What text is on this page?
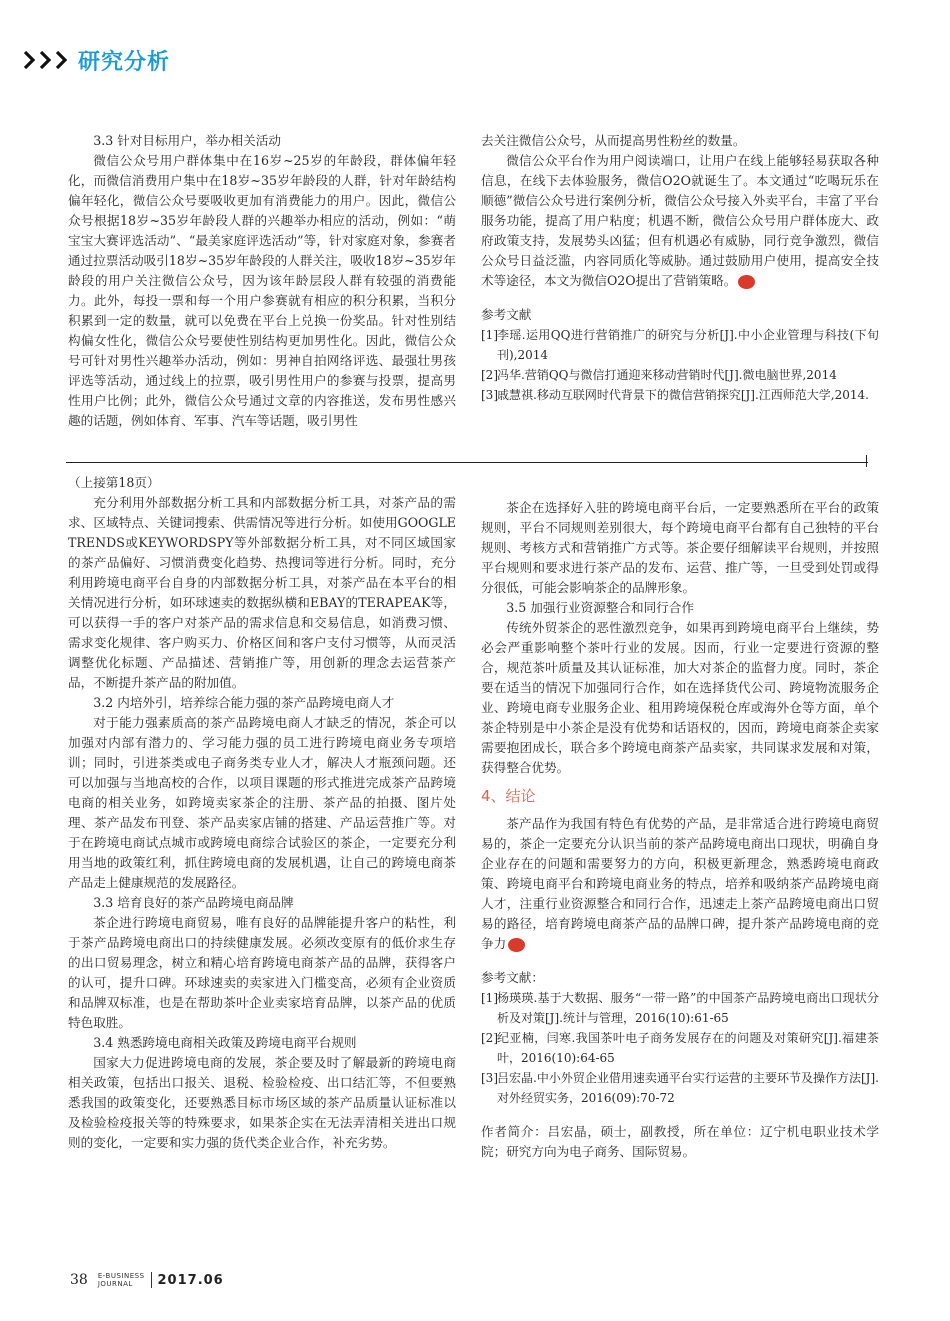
研究分析

3.3 针对目标用户，举办相关活动

微信公众号用户群体集中在16岁~25岁的年龄段，群体偏年轻化，而微信消费用户集中在18岁~35岁年龄段的人群，针对年龄结构偏年轻化，微信公众号要吸收更加有消费能力的用户。因此，微信公众号根据18岁~35岁年龄段人群的兴趣举办相应的活动，例如：“萌宝宝大赛评选活动”、“最美家庭评选活动”等，针对家庭对象，参赛者通过拉票活动吸引18岁~35岁年龄段的人群关注，吸收18岁~35岁年龄段的用户关注微信公众号，因为该年龄层段人群有较强的消费能力。此外，每投一票和每一个用户参赛就有相应的积分积累，当积分积累到一定的数量，就可以免费在平台上兑换一份奖品。针对性别结构偏女性化，微信公众号要使性别结构更加男性化。因此，微信公众号可针对男性兴趣举办活动，例如：男神自拍网络评选、最强壮男孩评选等活动，通过线上的拉票，吸引男性用户的参赛与投票，提高男性用户比例；此外，微信公众号通过文章的内容推送，发布男性感兴趣的话题，例如体育、军事、汽车等话题，吸引男性

去关注微信公众号，从而提高男性粉丝的数量。

微信公众平台作为用户阅读端口，让用户在线上能够轻易获取各种信息，在线下去体验服务，微信O2O就诞生了。本文通过“吃喝玩乐在顺德”微信公众号进行案例分析，微信公众号接入外卖平台，丰富了平台服务功能，提高了用户粘度；机遇不断，微信公众号用户群体庞大、政府政策支持，发展势头凶猛；但有机遇必有威胁，同行竞争激烈，微信公众号日益泛滥，内容同质化等威胁。通过鼓励用户使用，提高安全技术等途径，本文为微信O2O提出了营销策略。	ER

参考文献

[1] 李瑶.运用QQ进行营销推广的研究与分析[J].中小企业管理与科技(下旬刊),2014

[2] 冯华.营销QQ与微信打通迎来移动营销时代[J].微电脑世界,2014

[3] 戚慧祺.移动互联网时代背景下的微信营销探究[J].江西师范大学,2014.

（上接第18页）

充分利用外部数据分析工具和内部数据分析工具，对茶产品的需求、区域特点、关键词搜索、供需情况等进行分析。如使用GOOGLE　TRENDS或KEYWORDSPY等外部数据分析工具，对不同区域国家的茶产品偏好、习惯消费变化趋势、热搜词等进行分析。同时，充分利用跨境电商平台自身的内部数据分析工具，对茶产品在本平台的相关情况进行分析，如环球速卖的数据纵横和EBAY的TERAPEAK等，可以获得一手的客户对茶产品的需求信息和交易信息，如消费习惯、需求变化规律、客户购买力、价格区间和客户支付习惯等，从而灵活调整优化标题、产品描述、营销推广等，用创新的理念去运营茶产品，不断提升茶产品的附加值。

3.2 内培外引，培养综合能力强的茶产品跨境电商人才

对于能力强素质高的茶产品跨境电商人才缺乏的情况，茶企可以加强对内部有潜力的、学习能力强的员工进行跨境电商业务专项培训；同时，引进茶类或电子商务类专业人才，解决人才瓶颈问题。还可以加强与当地高校的合作，以项目课题的形式推进完成茶产品跨境电商的相关业务，如跨境卖家茶企的注册、茶产品的拍摄、图片处理、茶产品发布刊登、茶产品卖家店铺的搭建、产品运营推广等。对于在跨境电商试点城市或跨境电商综合试验区的茶企，一定要充分利用当地的政策红利，抓住跨境电商的发展机遇，让自己的跨境电商茶产品走上健康规范的发展路径。

3.3 培育良好的茶产品跨境电商品牌

茶企进行跨境电商贸易，唯有良好的品牌能提升客户的粘性，利于茶产品跨境电商出口的持续健康发展。必须改变原有的低价求生存的出口贸易理念，树立和精心培育跨境电商茶产品的品牌，获得客户的认可，提升口碑。环球速卖的卖家进入门槛变高，必须有企业资质和品牌双标准，也是在帮助茶叶企业卖家培育品牌，以茶产品的优质特色取胜。

3.4 熟悉跨境电商相关政策及跨境电商平台规则

国家大力促进跨境电商的发展，茶企要及时了解最新的跨境电商相关政策，包括出口报关、退税、检验检疫、出口结汇等，不但要熟悉我国的政策变化，还要熟悉目标市场区域的茶产品质量认证标准以及检验检疫报关等的特殊要求，如果茶企实在无法弄清相关进出口规则的变化，一定要和实力强的货代类企业合作，补充劣势。

茶企在选择好入驻的跨境电商平台后，一定要熟悉所在平台的政策规则，平台不同规则差别很大，每个跨境电商平台都有自己独特的平台规则、考核方式和营销推广方式等。茶企要仔细解读平台规则，并按照平台规则和要求进行茶产品的发布、运营、推广等，一旦受到处罚或得分很低，可能会影响茶企的品牌形象。

3.5 加强行业资源整合和同行合作

传统外贸茶企的恶性激烈竞争，如果再到跨境电商平台上继续，势必会严重影响整个茶叶行业的发展。因而，行业一定要进行资源的整合，规范茶叶质量及其认证标准，加大对茶企的监督力度。同时，茶企要在适当的情况下加强同行合作，如在选择货代公司、跨境物流服务企业、跨境电商专业服务企业、租用跨境保税仓库或海外仓等方面，单个茶企特别是中小茶企是没有优势和话语权的，因而，跨境电商茶企卖家需要抱团成长，联合多个跨境电商茶产品卖家，共同谋求发展和对策，获得整合优势。

4、结论

茶产品作为我国有特色有优势的产品，是非常适合进行跨境电商贸易的，茶企一定要充分认识当前的茶产品跨境电商出口现状，明确自身企业存在的问题和需要努力的方向，积极更新理念，熟悉跨境电商政策、跨境电商平台和跨境电商业务的特点，培养和吸纳茶产品跨境电商人才，注重行业资源整合和同行合作，迅速走上茶产品跨境电商出口贸易的路径，培育跨境电商茶产品的品牌口碑，提升茶产品跨境电商的竞争力	ER

参考文献：

[1] 杨瑛瑛.基于大数据、服务“一带一路”的中国茶产品跨境电商出口现状分析及对策[J].统计与管理，2016(10):61-65

[2] 纪亚楠，闫寒.我国茶叶电子商务发展存在的问题及对策研究[J].福建茶叶，2016(10):64-65

[3] 吕宏晶.中小外贸企业借用速卖通平台实行运营的主要环节及操作方法[J].　对外经贸实务，2016(09):70-72

作者简介：吕宏晶，硕士，副教授，所在单位：辽宁机电职业技术学院；研究方向为电子商务、国际贸易。

38 E-BUSINESS
JOURNAL	2017.06
